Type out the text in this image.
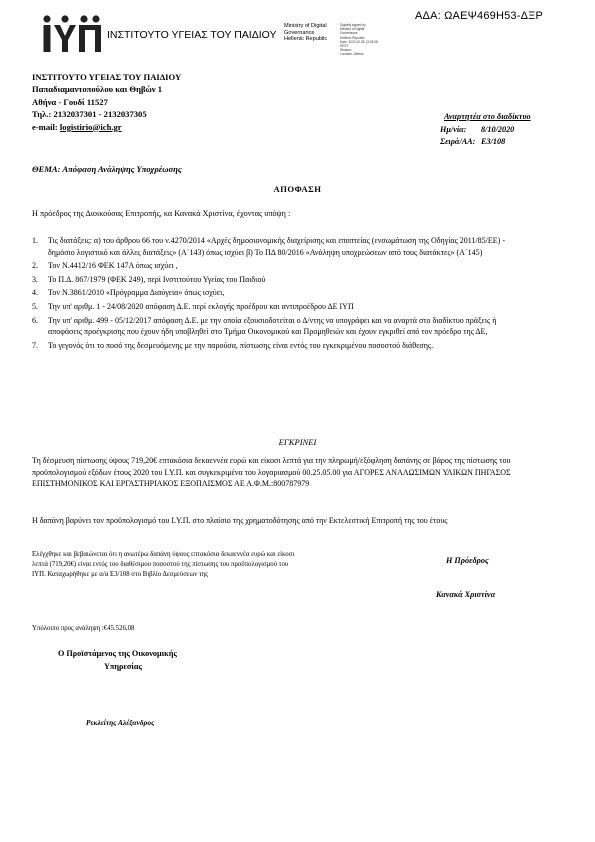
ΑΔΑ: ΩΑΕΨ469Η53-ΔΞΡ
ΙΝΣΤΙΤΟΥΤΟ ΥΓΕΙΑΣ ΤΟΥ ΠΑΙΔΙΟΥ
Ministry of Digital
Governance
Hellenic Republic
Digitally signed by
Ministry of Digital
Governance,
Hellenic Republic
Date: 2020.10.08 13:33:08
EEST
Reason:
Location: Athens
ΙΝΣΤΙΤΟΥΤΟ ΥΓΕΙΑΣ ΤΟΥ ΠΑΙΔΙΟΥ
Παπαδιαμαντοπούλου και Θηβών 1
Αθήνα - Γουδί 11527
Τηλ.: 2132037301 - 2132037305
e-mail: logistirio@ich.gr
Αναρτητέα στο διαδίκτυο
Ημ/νία: 8/10/2020
Σειρά/ΑΑ: Ε3/108
ΘΕΜΑ: Απόφαση Ανάληψης Υποχρέωσης
ΑΠΟΦΑΣΗ
Η πρόεδρος της Διοικούσας Επιτροπής, κα Κανακά Χριστίνα, έχοντας υπόψη :
1. Τις διατάξεις: α) του άρθρου 66 του ν.4270/2014 «Αρχές δημοσιονομικής διαχείρισης και εποπτείας (ενσωμάτωση της Οδηγίας 2011/85/ΕΕ) - δημόσιο λογιστικό και άλλες διατάξεις» (Α΄143) όπως ισχύει β) Το ΠΔ 80/2016 «Ανάληψη υποχρεώσεων από τους διατάκτες» (Α΄145)
2. Τον Ν.4412/16 ΦΕΚ 147Α όπως ισχύει ,
3. Το Π.Δ. 867/1979 (ΦΕΚ 249), περί Ινστιτούτου Υγείας του Παιδιού
4. Τον Ν.3861/2010 «Πρόγραμμα Διαύγεια» όπως ισχύει,
5. Την υπ' αριθμ. 1 - 24/08/2020 απόφαση Δ.Ε. περί εκλογής προέδρου και αντιπροέδρου ΔΕ ΙΥΠ
6. Την υπ' αριθμ. 499 - 05/12/2017 απόφαση Δ.Ε. με την οποία εξουσιοδοτείται ο Δ/ντης να υπογράφει και να αναρτά στο διαδίκτυο πράξεις ή αποφάσεις προέγκρισης που έχουν ήδη υποβληθεί στο Τμήμα Οικονομικού και Προμηθειών και έχουν εγκριθεί από τον πρόεδρο της ΔΕ,
7. Το γεγονός ότι το ποσό της δεσμευόμενης με την παρούσα, πίστωσης είναι εντός του εγκεκριμένου ποσοστού διάθεσης.
ΕΓΚΡΙΝΕΙ
Τη δέσμευση πίστωσης ύψους 719,20€ επτακόσια δεκαεννέα ευρώ και είκοσι λεπτά για την πληρωμή/εξόφληση δαπάνης σε βάρος της πίστωσης του προϋπολογισμού εξόδων έτους 2020 του Ι.Υ.Π. και συγκεκριμένα του λογαριασμού 00.25.05.00 για ΑΓΟΡΕΣ ΑΝΑΛΩΣΙΜΩΝ ΥΛΙΚΩΝ ΠΗΓΑΣΟΣ ΕΠΙΣΤΗΜΟΝΙΚΟΣ ΚΑΙ ΕΡΓΑΣΤΗΡΙΑΚΟΣ ΕΞΟΠΛΙΣΜΟΣ ΑΕ Α.Φ.Μ.:800787979
Η δαπάνη βαρύνει τον προϋπολογισμό του Ι.Υ.Π. στο πλαίσιο της χρηματοδότησης από την Εκτελεστική Επιτροπή της του έτους
Ελέγχθηκε και βεβαιώνεται ότι η ανωτέρω δαπάνη ύψους επτακόσια δεκαεννέα ευρώ και είκοσι λεπτά (719,20€) είναι εντός του διαθέσιμου ποσοστού της πίστωσης του προϋπολογισμού του ΙΥΠ. Καταχωρήθηκε με α/α Ε3/108 στο Βιβλίο Δεσμεύσεων της
Υπόλοιπο προς ανάληψη :€45.526,08
Η Πρόεδρος
Κανακά Χριστίνα
Ο Προϊστάμενος της Οικονομικής
Υπηρεσίας
Ρεκλείτης Αλέξανδρος
